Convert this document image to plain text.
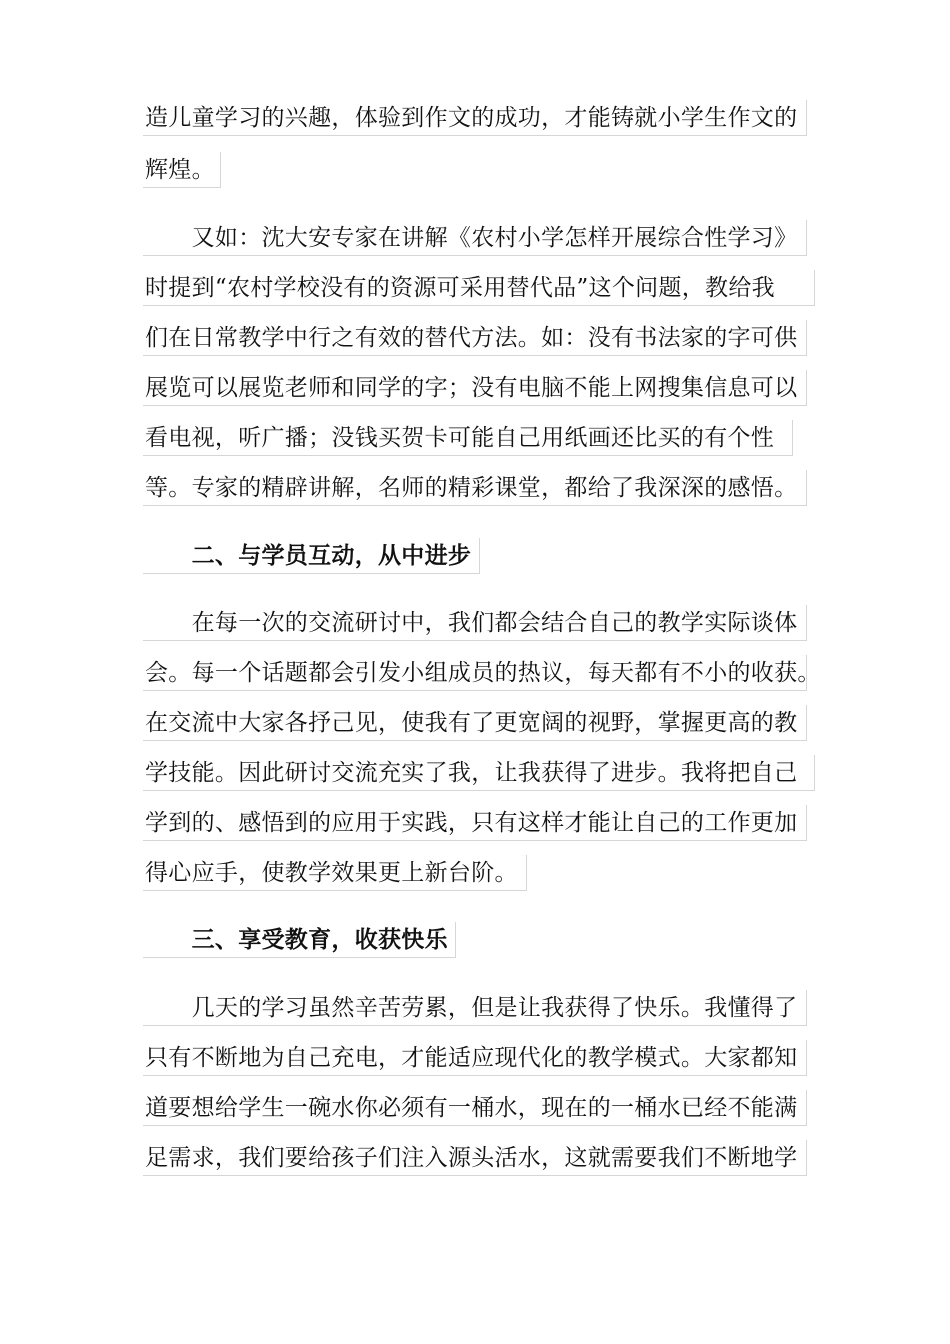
造儿童学习的兴趣，体验到作文的成功，才能铸就小学生作文的
辉煌。
　　又如：沈大安专家在讲解《农村小学怎样开展综合性学习》
时提到“农村学校没有的资源可采用替代品”这个问题，教给我
们在日常教学中行之有效的替代方法。如：没有书法家的字可供
展览可以展览老师和同学的字；没有电脑不能上网搜集信息可以
看电视，听广播；没钱买贺卡可能自己用纸画还比买的有个性
等。专家的精辟讲解，名师的精彩课堂，都给了我深深的感悟。
　　二、与学员互动，从中进步
　　在每一次的交流研讨中，我们都会结合自己的教学实际谈体
会。每一个话题都会引发小组成员的热议，每天都有不小的收获。
在交流中大家各抒己见，使我有了更宽阔的视野，掌握更高的教
学技能。因此研讨交流充实了我，让我获得了进步。我将把自己
学到的、感悟到的应用于实践，只有这样才能让自己的工作更加
得心应手，使教学效果更上新台阶。
　　三、享受教育，收获快乐
　　几天的学习虽然辛苦劳累，但是让我获得了快乐。我懂得了
只有不断地为自己充电，才能适应现代化的教学模式。大家都知
道要想给学生一碗水你必须有一桶水，现在的一桶水已经不能满
足需求，我们要给孩子们注入源头活水，这就需要我们不断地学
